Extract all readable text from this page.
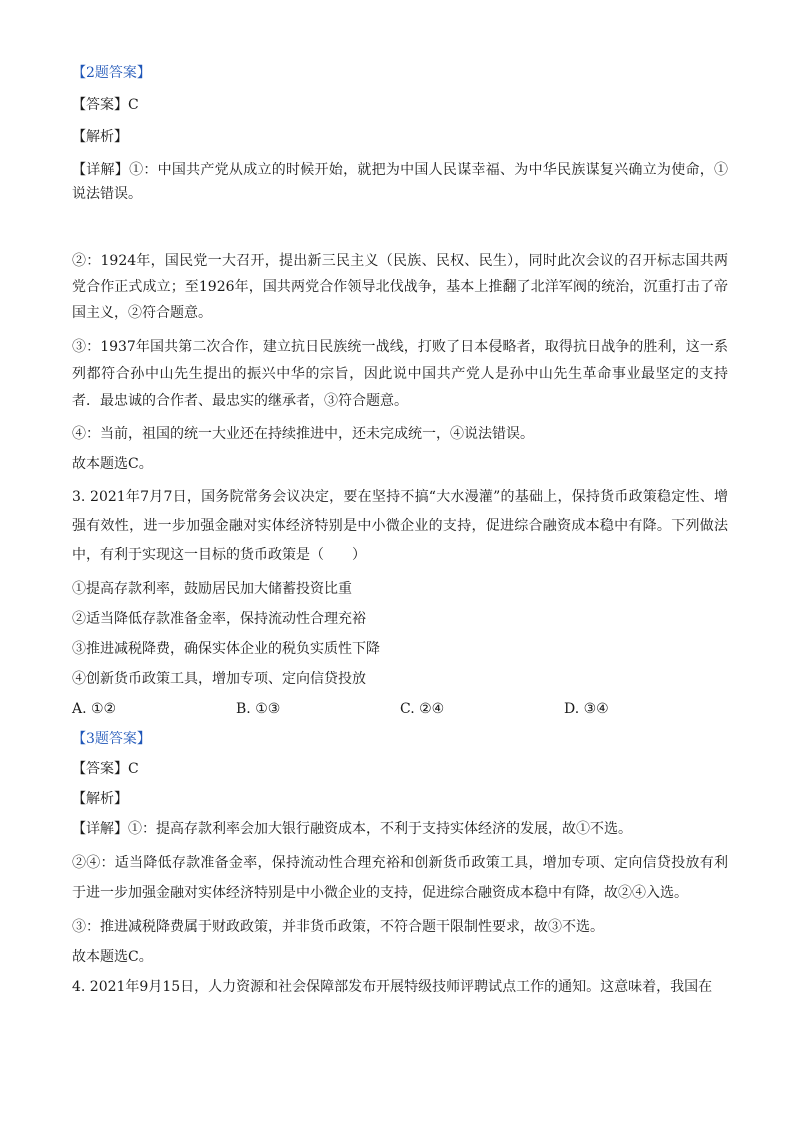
【2题答案】

【答案】C

【解析】

【详解】①：中国共产党从成立的时候开始，就把为中国人民谋幸福、为中华民族谋复兴确立为使命，①说法错误。

②：1924年，国民党一大召开，提出新三民主义（民族、民权、民生），同时此次会议的召开标志国共两党合作正式成立；至1926年，国共两党合作领导北伐战争，基本上推翻了北洋军阀的统治，沉重打击了帝国主义，②符合题意。

③：1937年国共第二次合作，建立抗日民族统一战线，打败了日本侵略者，取得抗日战争的胜利，这一系列都符合孙中山先生提出的振兴中华的宗旨，因此说中国共产党人是孙中山先生革命事业最坚定的支持者．最忠诚的合作者、最忠实的继承者，③符合题意。

④：当前，祖国的统一大业还在持续推进中，还未完成统一，④说法错误。

故本题选C。

3. 2021年7月7日，国务院常务会议决定，要在坚持不搞“大水漫灌”的基础上，保持货币政策稳定性、增强有效性，进一步加强金融对实体经济特别是中小微企业的支持，促进综合融资成本稳中有降。下列做法中，有利于实现这一目标的货币政策是（　　）

①提高存款利率，鼓励居民加大储蓄投资比重

②适当降低存款准备金率，保持流动性合理充裕

③推进减税降费，确保实体企业的税负实质性下降

④创新货币政策工具，增加专项、定向信贷投放

A. ①②	B. ①③	C. ②④	D. ③④

【3题答案】

【答案】C

【解析】

【详解】①：提高存款利率会加大银行融资成本，不利于支持实体经济的发展，故①不选。

②④：适当降低存款准备金率，保持流动性合理充裕和创新货币政策工具，增加专项、定向信贷投放有利于进一步加强金融对实体经济特别是中小微企业的支持，促进综合融资成本稳中有降，故②④入选。

③：推进减税降费属于财政政策，并非货币政策，不符合题干限制性要求，故③不选。

故本题选C。

4. 2021年9月15日，人力资源和社会保障部发布开展特级技师评聘试点工作的通知。这意味着，我国在
